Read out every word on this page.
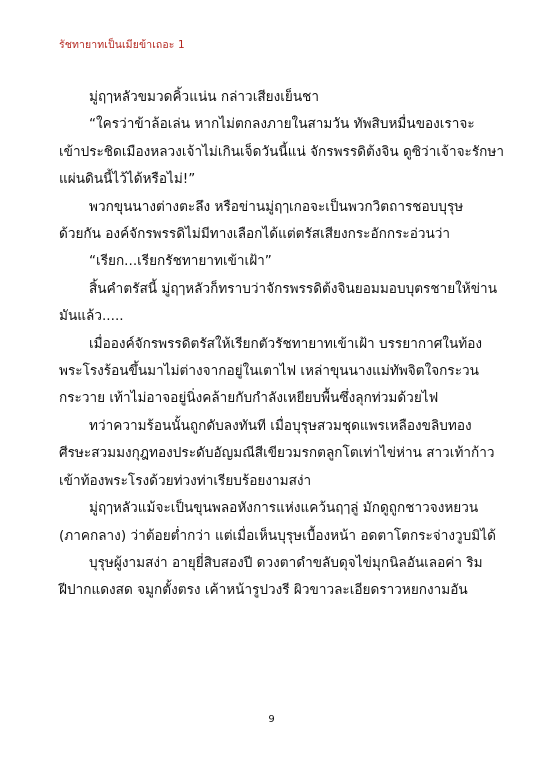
รัชทายาทเป็นเมียข้าเถอะ 1

มู่ฤๅหลัวขมวดคิ้วแน่น กล่าวเสียงเย็นชา

“ใครว่าข้าล้อเล่น หากไม่ตกลงภายในสามวัน ทัพสิบหมื่นของเราจะ

เข้าประชิดเมืองหลวงเจ้าไม่เกินเจ็ดวันนี้แน่ จักรพรรดิต้งจิน ดูซิว่าเจ้าจะรักษา

แผ่นดินนี้ไว้ได้หรือไม่!”

พวกขุนนางต่างตะลึง หรือข่านมู่ฤๅเกอจะเป็นพวกวิตถารชอบบุรุษ

ด้วยกัน องค์จักรพรรดิไม่มีทางเลือกได้แต่ตรัสเสียงกระอักกระอ่วนว่า

“เรียก...เรียกรัชทายาทเข้าเฝ้า”

สิ้นคำตรัสนี้ มู่ฤๅหลัวก็ทราบว่าจักรพรรดิต้งจินยอมมอบบุตรชายให้ข่าน

มันแล้ว.....

เมื่อองค์จักรพรรดิตรัสให้เรียกตัวรัชทายาทเข้าเฝ้า บรรยากาศในท้อง

พระโรงร้อนขึ้นมาไม่ต่างจากอยู่ในเตาไฟ เหล่าขุนนางแม่ทัพจิตใจกระวน

กระวาย เท้าไม่อาจอยู่นิ่งคล้ายกับกำลังเหยียบพื้นซึ่งลุกท่วมด้วยไฟ

ทว่าความร้อนนั้นถูกดับลงทันที เมื่อบุรุษสวมชุดแพรเหลืองขลิบทอง

ศีรษะสวมมงกุฎทองประดับอัญมณีสีเขียวมรกตลูกโตเท่าไข่ห่าน สาวเท้าก้าว

เข้าท้องพระโรงด้วยท่วงท่าเรียบร้อยงามสง่า

มู่ฤๅหลัวแม้จะเป็นขุนพลอหังการแห่งแคว้นฤๅลู่ มักดูถูกชาวจงหยวน

(ภาคกลาง) ว่าต้อยต่ำกว่า แต่เมื่อเห็นบุรุษเบื้องหน้า อดตาโตกระจ่างวูบมิได้

บุรุษผู้งามสง่า อายุยี่สิบสองปี ดวงตาดำขลับดุจไข่มุกนิลอันเลอค่า ริม

ฝีปากแดงสด จมูกตั้งตรง เค้าหน้ารูปวงรี ผิวขาวละเอียดราวหยกงามอัน

9
